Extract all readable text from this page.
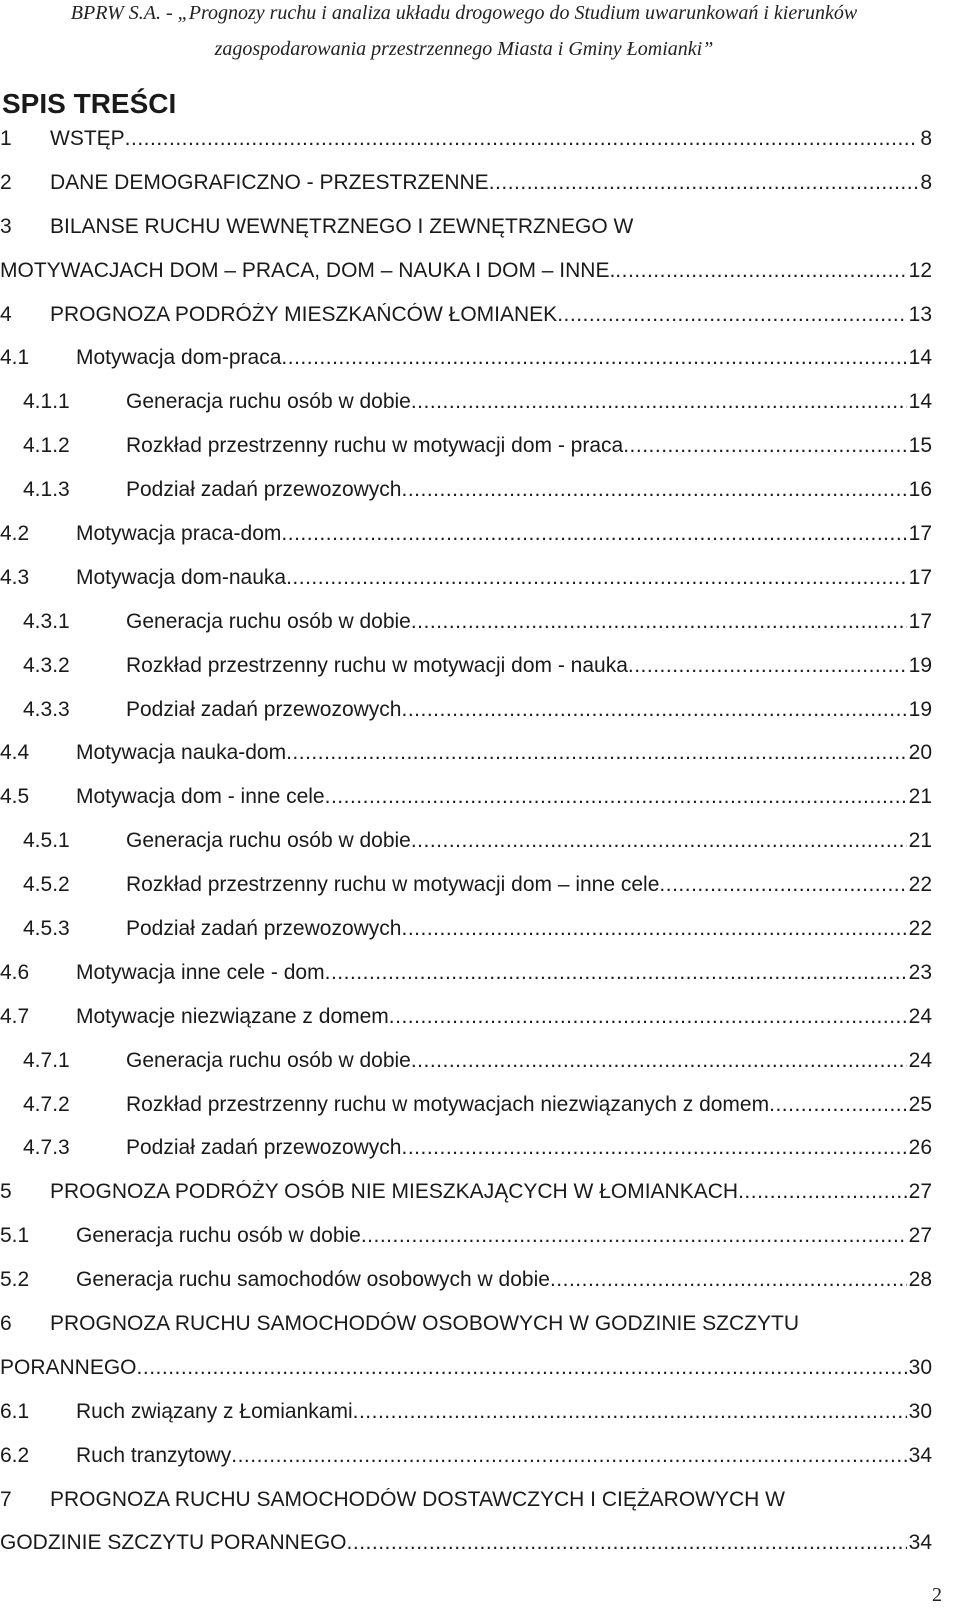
BPRW S.A. - „Prognozy ruchu i analiza układu drogowego do Studium uwarunkowań i kierunków
zagospodarowania przestrzennego Miasta i Gminy Łomianki”
SPIS TREŚCI
1 WSTĘP .....	8
2 DANE DEMOGRAFICZNO - PRZESTRZENNE .....	8
3 BILANSE RUCHU WEWNĘTRZNEGO I ZEWNĘTRZNEGO W
MOTYWACJACH DOM – PRACA, DOM – NAUKA I DOM – INNE. .....	12
4 PROGNOZA PODRÓŻY MIESZKAŃCÓW ŁOMIANEK .....	13
4.1 Motywacja dom-praca .....	14
4.1.1	Generacja ruchu osób w dobie .....	14
4.1.2	Rozkład przestrzenny ruchu w motywacji dom - praca .....	15
4.1.3	Podział zadań przewozowych .....	16
4.2 Motywacja praca-dom .....	17
4.3 Motywacja dom-nauka .....	17
4.3.1	Generacja ruchu osób w dobie .....	17
4.3.2	Rozkład przestrzenny ruchu w motywacji dom - nauka .....	19
4.3.3	Podział zadań przewozowych .....	19
4.4 Motywacja nauka-dom .....	20
4.5 Motywacja dom - inne cele .....	21
4.5.1	Generacja ruchu osób w dobie .....	21
4.5.2	Rozkład przestrzenny ruchu w motywacji dom – inne cele .....	22
4.5.3	Podział zadań przewozowych .....	22
4.6 Motywacja inne cele - dom .....	23
4.7 Motywacje niezwiązane z domem .....	24
4.7.1	Generacja ruchu osób w dobie .....	24
4.7.2	Rozkład przestrzenny ruchu w motywacjach niezwiązanych z domem .....	25
4.7.3	Podział zadań przewozowych .....	26
5 PROGNOZA PODRÓŻY OSÓB NIE MIESZKAJĄCYCH W ŁOMIANKACH .....	27
5.1 Generacja ruchu osób w dobie .....	27
5.2 Generacja ruchu samochodów osobowych w dobie .....	28
6 PROGNOZA RUCHU SAMOCHODÓW OSOBOWYCH W GODZINIE SZCZYTU
PORANNEGO .....	30
6.1 Ruch związany z Łomiankami .....	30
6.2 Ruch tranzytowy .....	34
7 PROGNOZA RUCHU SAMOCHODÓW DOSTAWCZYCH I CIĘŻAROWYCH W
GODZINIE SZCZYTU PORANNEGO .....	34
2
